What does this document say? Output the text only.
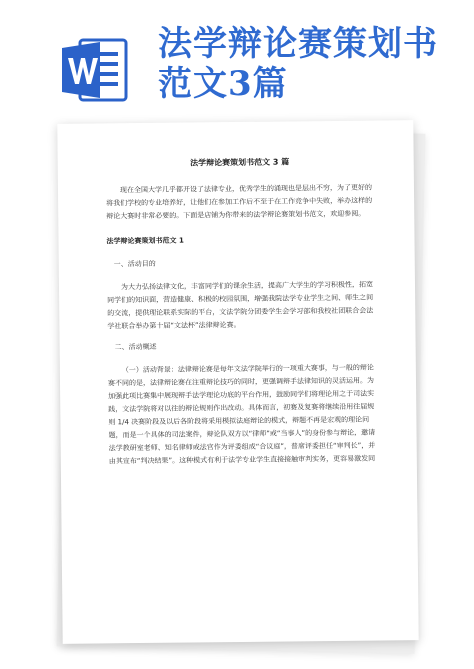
法学辩论赛策划书
范文3篇
法学辩论赛策划书范文 3 篇

现在全国大学几乎都开设了法律专业，优秀学生的涌现也是层出不穷，为了更好的将我们学校的专业培养好，让他们在参加工作后不至于在工作竞争中失败，举办这样的辩论大赛时非常必要的。下面是店铺为你带来的法学辩论赛策划书范文，欢迎参阅。

法学辩论赛策划书范文 1
一、活动目的

为大力弘扬法律文化，丰富同学们的课余生活，提高广大学生的学习积极性，拓宽同学们的知识面，营造健康、积极的校园氛围，增强我院法学专业学生之间、师生之间的交流，提供理论联系实际的平台，文法学院分团委学生会学习部和我校社团联合会法学社联合举办第十届“文法杯”法律辩论赛。

二、活动概述

（一）活动背景：法律辩论赛是每年文法学院举行的一项重大赛事，与一般的辩论赛不同的是，法律辩论赛在注重辩论技巧的同时，更强调辩手法律知识的灵活运用。为加强此项比赛集中展现辩手法学理论功底的平台作用，鼓励同学们将理论用之于司法实践，文法学院将对以往的辩论规则作出改动。具体而言，初赛及复赛将继续沿用往届规则 1/4 决赛阶段及以后各阶段将采用模拟法庭辩论的模式，辩题不再是宏观的理论问题，而是一个具体的司法案件，辩论队双方以“律师”或“当事人”的身份参与辩论，邀请法学教研室老师、知名律师或法官作为评委组成“合议庭”，普席评委担任“审判长”，并由其宣布“判决结果”。这种模式有利于法学专业学生直接接触审判实务，更容易激发同
